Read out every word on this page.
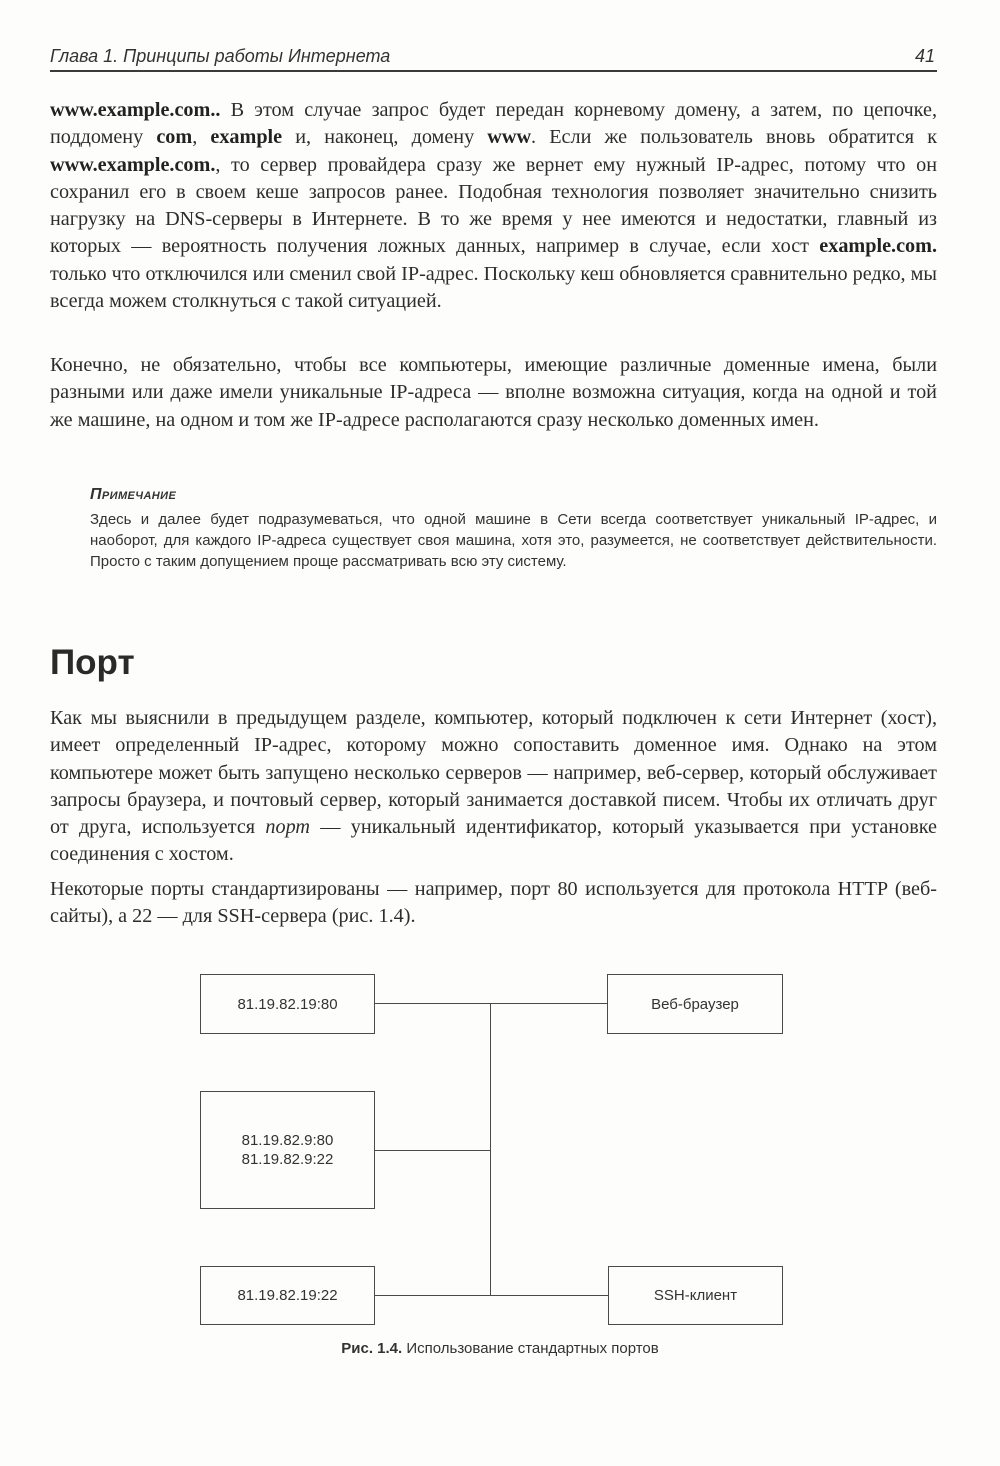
Глава 1. Принципы работы Интернета	41

www.example.com.. В этом случае запрос будет передан корневому домену, а затем, по цепочке, поддомену com, example и, наконец, домену www. Если же пользователь вновь обратится к www.example.com., то сервер провайдера сразу же вернет ему нужный IP-адрес, потому что он сохранил его в своем кеше запросов ранее. Подобная технология позволяет значительно снизить нагрузку на DNS-серверы в Интернете. В то же время у нее имеются и недостатки, главный из которых — вероятность получения ложных данных, например в случае, если хост example.com. только что отключился или сменил свой IP-адрес. Поскольку кеш обновляется сравнительно редко, мы всегда можем столкнуться с такой ситуацией.

Конечно, не обязательно, чтобы все компьютеры, имеющие различные доменные имена, были разными или даже имели уникальные IP-адреса — вполне возможна ситуация, когда на одной и той же машине, на одном и том же IP-адресе располагаются сразу несколько доменных имен.

Примечание

Здесь и далее будет подразумеваться, что одной машине в Сети всегда соответствует уникальный IP-адрес, и наоборот, для каждого IP-адреса существует своя машина, хотя это, разумеется, не соответствует действительности. Просто с таким допущением проще рассматривать всю эту систему.

Порт

Как мы выяснили в предыдущем разделе, компьютер, который подключен к сети Интернет (хост), имеет определенный IP-адрес, которому можно сопоставить доменное имя. Однако на этом компьютере может быть запущено несколько серверов — например, веб-сервер, который обслуживает запросы браузера, и почтовый сервер, который занимается доставкой писем. Чтобы их отличать друг от друга, используется порт — уникальный идентификатор, который указывается при установке соединения с хостом.

Некоторые порты стандартизированы — например, порт 80 используется для протокола HTTP (веб-сайты), а 22 — для SSH-сервера (рис. 1.4).

81.19.82.19:80
81.19.82.9:80
81.19.82.9:22
81.19.82.19:22
Веб-браузер
SSH-клиент

Рис. 1.4. Использование стандартных портов
